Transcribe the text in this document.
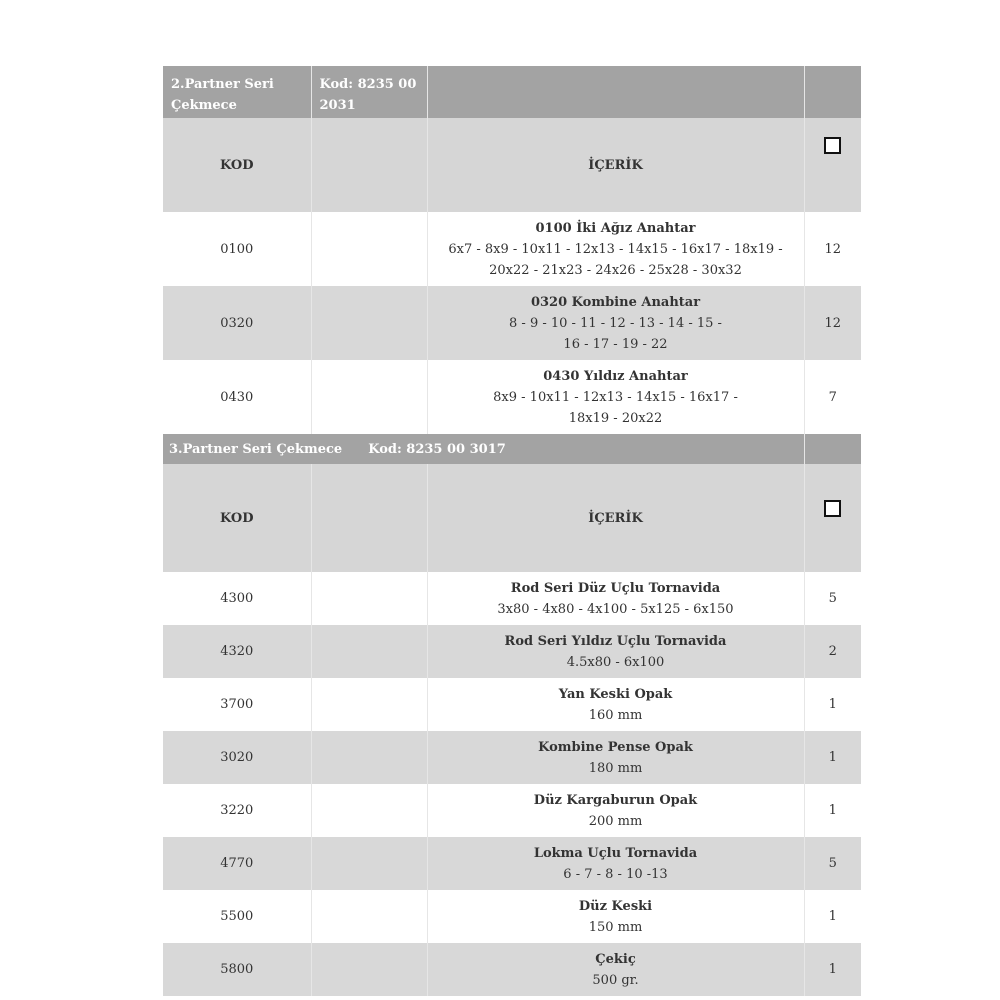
2.Partner Seri Çekmece	Kod: 8235 00 2031		

KOD		İÇERİK	
0100		0100 İki Ağız Anahtar
6x7 - 8x9 - 10x11 - 12x13 - 14x15 - 16x17 - 18x19 -
20x22 - 21x23 - 24x26 - 25x28 - 30x32	12
0320		0320 Kombine Anahtar
8 - 9 - 10 - 11 - 12 - 13 - 14 - 15 -
16 - 17 - 19 - 22	12
0430		0430 Yıldız Anahtar
8x9 - 10x11 - 12x13 - 14x15 - 16x17 -
18x19 - 20x22	7
3.Partner Seri Çekmece Kod: 8235 00 3017			
KOD		İÇERİK	
4300		Rod Seri Düz Uçlu Tornavida
3x80 - 4x80 - 4x100 - 5x125 - 6x150	5
4320		Rod Seri Yıldız Uçlu Tornavida
4.5x80 - 6x100	2
3700		Yan Keski Opak
160 mm	1
3020		Kombine Pense Opak
180 mm	1
3220		Düz Kargaburun Opak
200 mm	1
4770		Lokma Uçlu Tornavida
6 - 7 - 8 - 10 -13	5
5500		Düz Keski
150 mm	1
5800		Çekiç
500 gr.	1
